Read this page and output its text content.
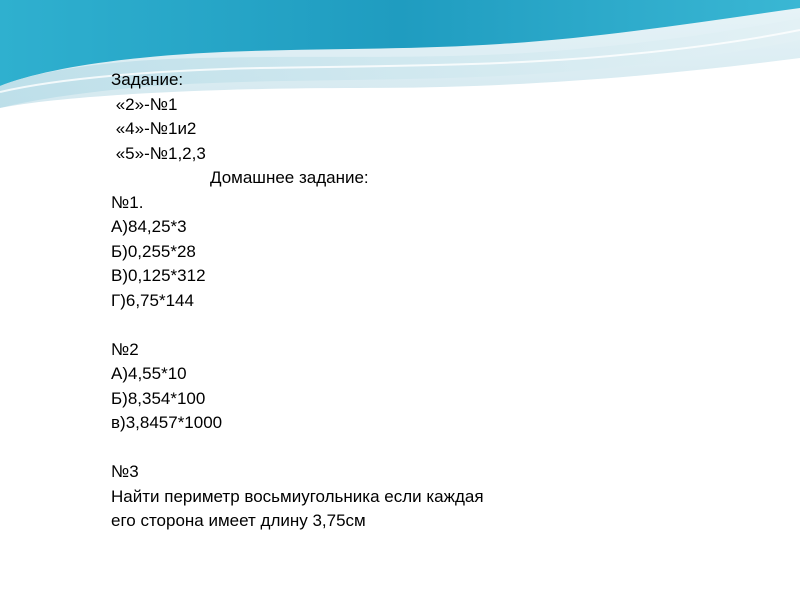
Задание:
«2»-№1
«4»-№1и2
«5»-№1,2,3
Домашнее задание:
№1.
А)84,25*3
Б)0,255*28
В)0,125*312
Г)6,75*144
№2
А)4,55*10
Б)8,354*100
в)3,8457*1000
№3
Найти периметр восьмиугольника если каждая
его сторона имеет длину 3,75см
